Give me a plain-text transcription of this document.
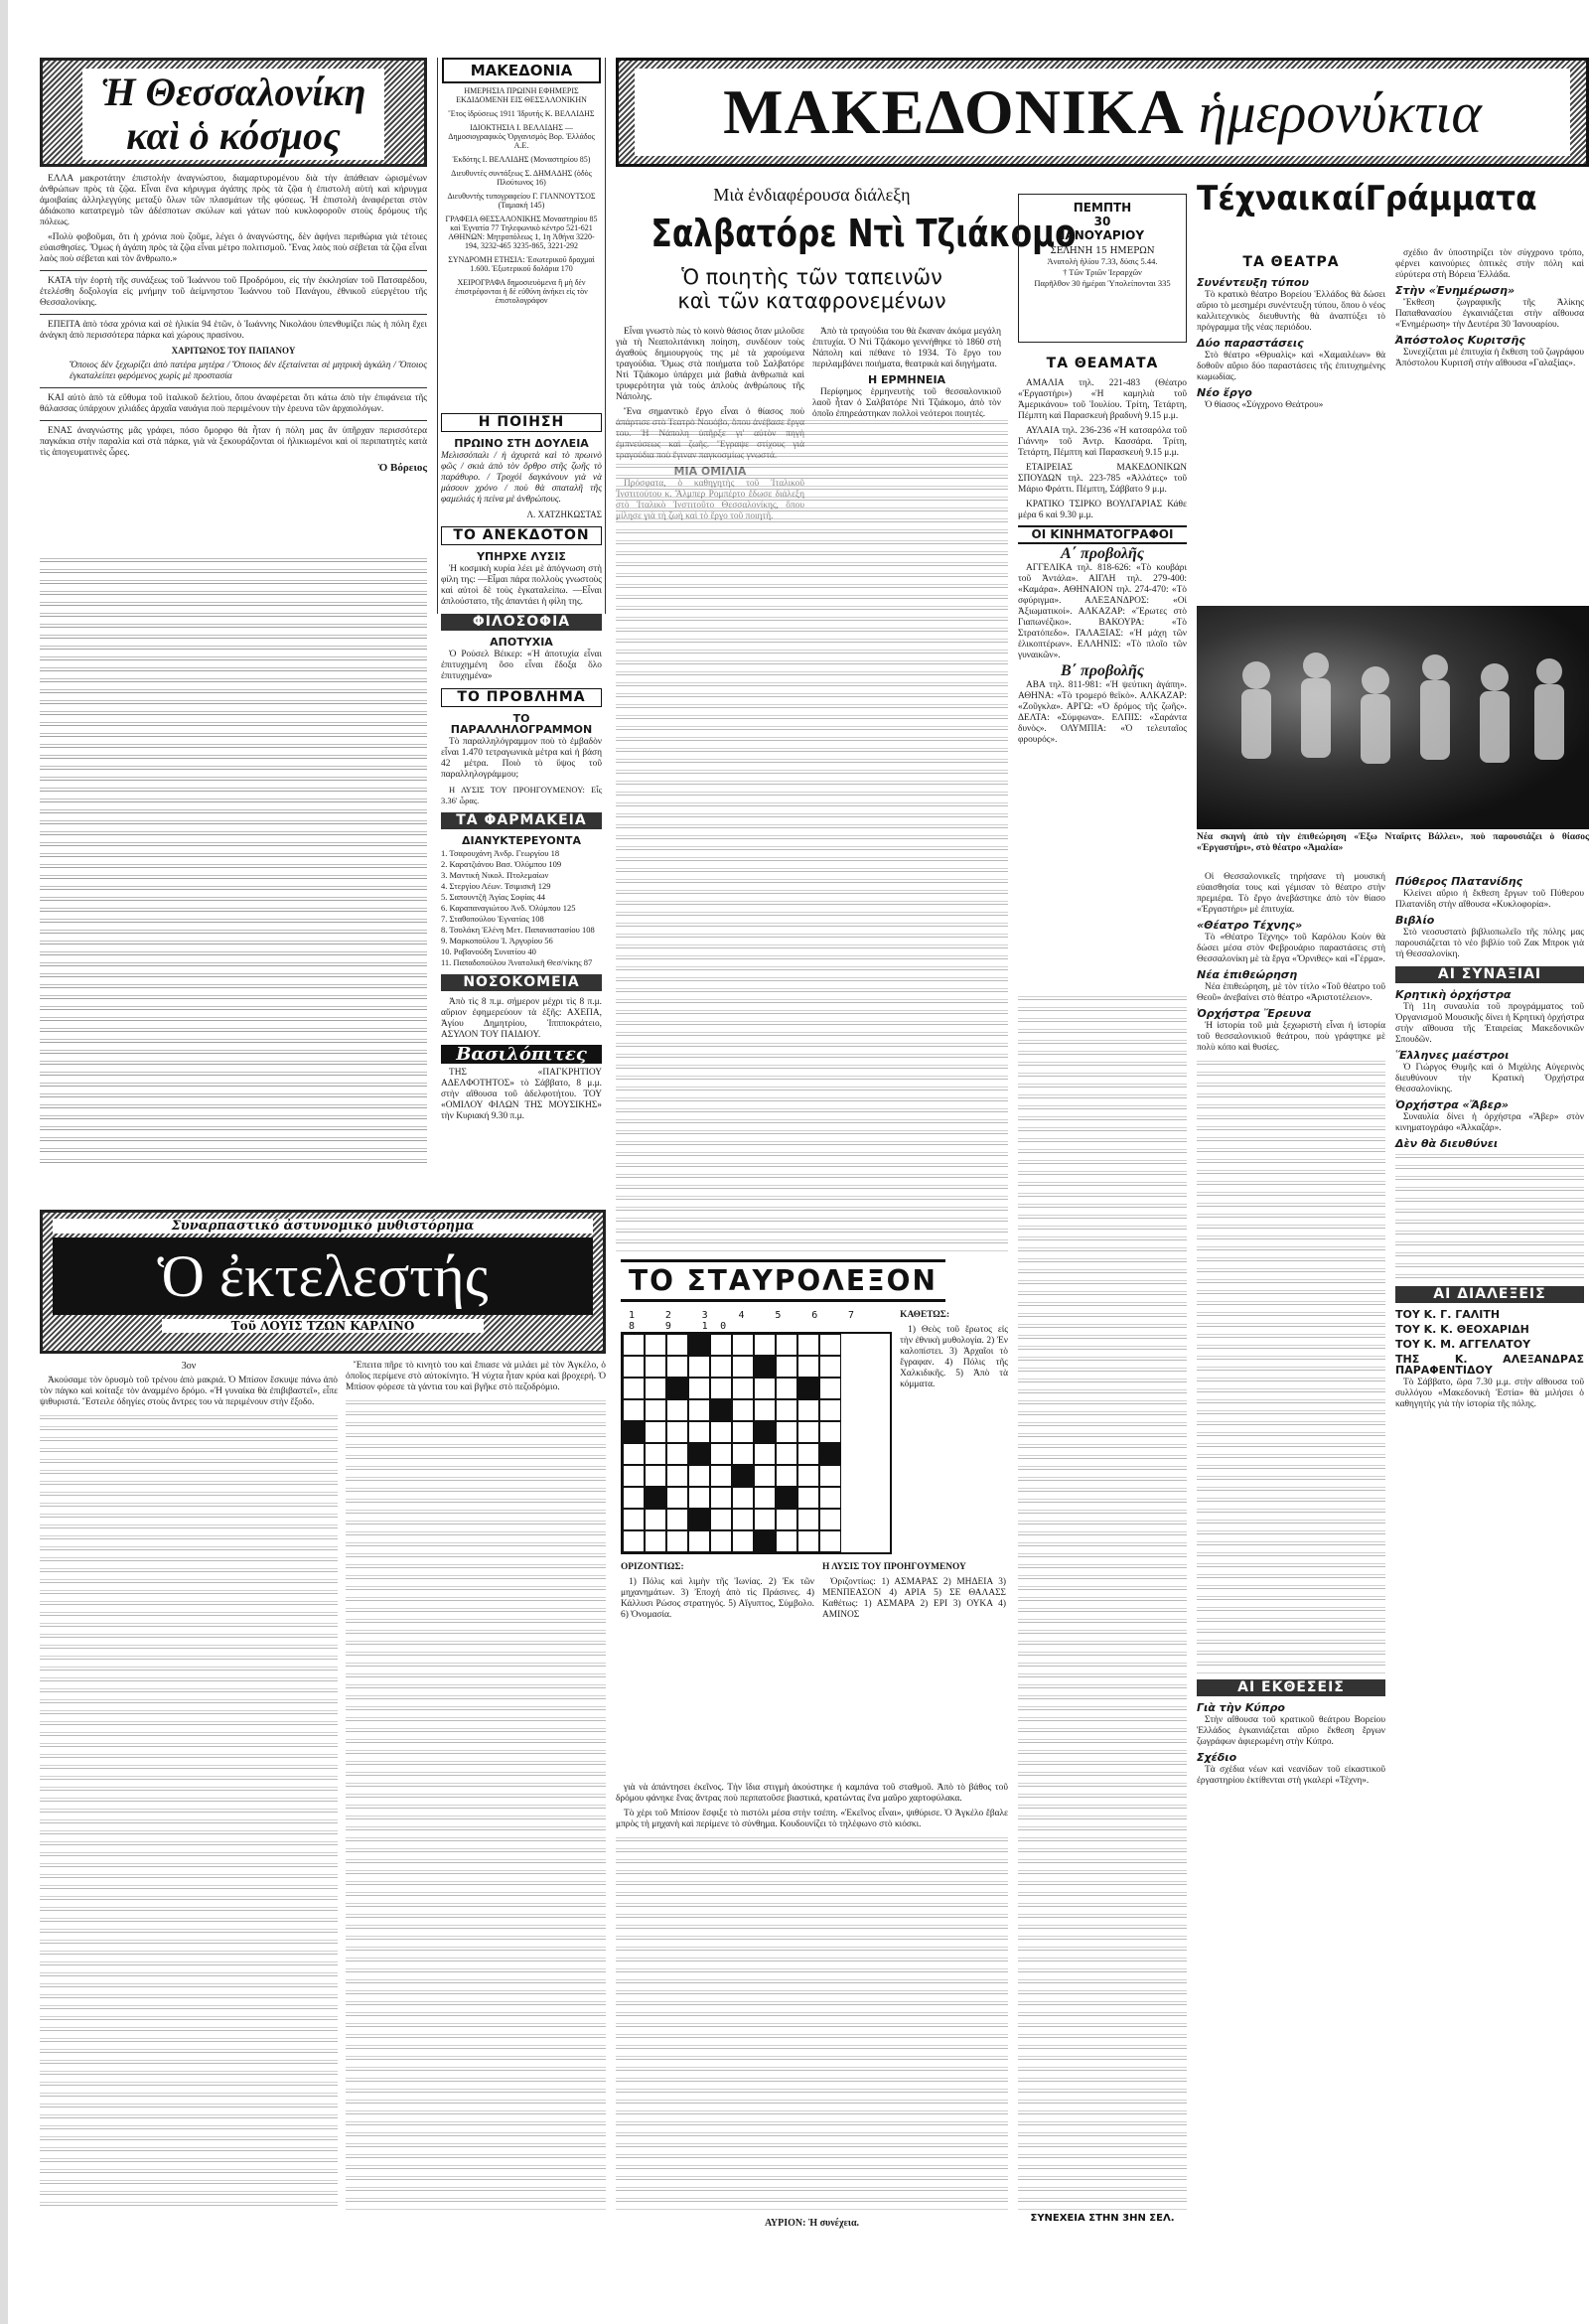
Ἡ Θεσσαλονίκη
καὶ ὁ κόσμος

ΕΛΛΑ μακροτάτην ἐπιστολὴν ἀναγνώστου, διαμαρτυρομένου διὰ τὴν ἀπάθειαν ὡρισμένων ἀνθρώπων πρὸς τὰ ζῷα. Εἶναι ἕνα κήρυγμα ἀγάπης πρὸς τὰ ζῷα ἡ ἐπιστολὴ αὐτὴ καὶ κήρυγμα ἀμοιβαίας ἀλληλεγγύης μεταξὺ ὅλων τῶν πλασμάτων τῆς φύσεως. Ἡ ἐπιστολὴ ἀναφέρεται στὸν ἀδιάκοπο κατατρεγμὸ τῶν ἀδέσποτων σκύλων καὶ γάτων ποὺ κυκλοφοροῦν στοὺς δρόμους τῆς πόλεως.

«Πολὺ φοβοῦμαι, ὅτι ἡ χρόνια ποὺ ζοῦμε, λέγει ὁ ἀναγνώστης, δὲν ἀφήνει περιθώρια γιὰ τέτοιες εὐαισθησίες. Ὅμως ἡ ἀγάπη πρὸς τὰ ζῷα εἶναι μέτρο πολιτισμοῦ. Ἕνας λαὸς ποὺ σέβεται τὰ ζῷα εἶναι λαὸς ποὺ σέβεται καὶ τὸν ἄνθρωπο.»

ΚΑΤΑ τὴν ἑορτὴ τῆς συνάξεως τοῦ Ἰωάννου τοῦ Προδρόμου, εἰς τὴν ἐκκλησίαν τοῦ Πατσαρέδου, ἐτελέσθη δοξολογία εἰς μνήμην τοῦ ἀείμνηστου Ἰωάννου τοῦ Πανάγου, ἐθνικοῦ εὐεργέτου τῆς Θεσσαλονίκης.

ΕΠΕΙΤΑ ἀπὸ τόσα χρόνια καὶ σὲ ἡλικία 94 ἐτῶν, ὁ Ἰωάννης Νικολάου ὑπενθυμίζει πὼς ἡ πόλη ἔχει ἀνάγκη ἀπὸ περισσότερα πάρκα καὶ χώρους πρασίνου.

ΧΑΡΙΤΩΝΟΣ ΤΟΥ ΠΑΠΑΝΟΥ

Ὅποιος δὲν ξεχωρίζει ἀπὸ πατέρα μητέρα / Ὅποιος δὲν ἐξεταίνεται σὲ μητρικὴ ἀγκάλη / Ὅποιος ἐγκαταλείπει φερόμενος χωρὶς μὲ προστασία

ΚΑΙ αὐτὸ ἀπὸ τὰ εὔθυμα τοῦ ἰταλικοῦ δελτίου, ὅπου ἀναφέρεται ὅτι κάτω ἀπὸ τὴν ἐπιφάνεια τῆς θάλασσας ὑπάρχουν χιλιάδες ἀρχαῖα ναυάγια ποὺ περιμένουν τὴν ἐρευνα τῶν ἀρχαιολόγων.

ΕΝΑΣ ἀναγνώστης μᾶς γράφει, πόσο ὄμορφο θὰ ἦταν ἡ πόλη μας ἂν ὑπῆρχαν περισσότερα παγκάκια στὴν παραλία καὶ στὰ πάρκα, γιὰ νὰ ξεκουράζονται οἱ ἡλικιωμένοι καὶ οἱ περιπατητὲς κατὰ τὶς ἀπογευματινὲς ὧρες.

Ὁ Βόρειος
ΜΑΚΕΔΟΝΙΑ
ΗΜΕΡΗΣΙΑ ΠΡΩΙΝΗ ΕΦΗΜΕΡΙΣ ΕΚΔΙΔΟΜΕΝΗ ΕΙΣ ΘΕΣΣΑΛΟΝΙΚΗΝ
Ἔτος ἱδρύσεως 1911 Ἱδρυτής Κ. ΒΕΛΛΙΔΗΣ
ΙΔΙΟΚΤΗΣΙΑ Ι. ΒΕΛΛΙΔΗΣ — Δημοσιογραφικὸς Ὀργανισμὸς Βορ. Ἑλλάδος Α.Ε.
Ἐκδότης Ι. ΒΕΛΛΙΔΗΣ (Μοναστηρίου 85)
Διευθυντὲς συντάξεως Σ. ΔΗΜΑΔΗΣ (ὁδὸς Πλούτωνος 16)
Διευθυντὴς τυπογραφείου Γ. ΓΙΑΝΝΟΥΤΣΟΣ (Ταμιακή 145)
ΓΡΑΦΕΙΑ ΘΕΣΣΑΛΟΝΙΚΗΣ Μοναστηρίου 85 καὶ Ἐγνατία 77 Τηλεφωνικὸ κέντρο 521-621 ΑΘΗΝΩΝ: Μητροπόλεως 1, 1η Ἀθήνα 3220-194, 3232-465 3235-865, 3221-292
ΣΥΝΔΡΟΜΗ ΕΤΗΣΙΑ: Ἐσωτερικοῦ δραχμαὶ 1.600. Ἐξωτερικοῦ δολάρια 170
ΧΕΙΡΟΓΡΑΦΑ δημοσιευόμενα ἢ μὴ δὲν ἐπιστρέφονται ἡ δὲ εὐθύνη ἀνήκει εἰς τὸν ἐπιστολογράφον
Η ΠΟΙΗΣΗ
ΠΡΩΙΝΟ ΣΤΗ ΔΟΥΛΕΙΑ

Μελισσόπαλι / ἡ ἀχυριτὰ καὶ τὸ πρωινὸ φῶς / σκιὰ ἀπὸ τὸν ὄρθρο στῆς ζωῆς τὸ παράθυρο. / Τροχόὶ δαγκάνουν γιὰ νὰ μάσουν χρόνο / ποὺ θὰ σπαταλῆ τῆς φαμελιάς ἡ πείνα μὲ ἀνθρώπους.

Λ. ΧΑΤΖΗΚΩΣΤΑΣ
ΤΟ ΑΝΕΚΔΟΤΟΝ
ΥΠΗΡΧΕ ΛΥΣΙΣ

Ἡ κοσμικὴ κυρία λέει μὲ ἀπόγνωση στὴ φίλη της: —Εἶμαι πάρα πολλοὺς γνωστοὺς καὶ αὐτοὶ δὲ τοὺς ἐγκαταλείπω. —Εἶναι ἁπλούστατο, τῆς ἀπαντάει ἡ φίλη της.

ΦΙΛΟΣΟΦΙΑ
ΑΠΟΤΥΧΙΑ

Ὁ Ρούσελ Βέικερ: «Ἡ ἀποτυχία εἶναι ἐπιτυχημένη ὅσο εἶναι ἔδοξα ὅλο ἐπιτυχημένα»

ΤΟ ΠΡΟΒΛΗΜΑ
ΤΟ ΠΑΡΑΛΛΗΛΟΓΡΑΜΜΟΝ

Τὸ παραλληλόγραμμον ποὺ τὸ ἐμβαδὸν εἶναι 1.470 τετραγωνικὰ μέτρα καὶ ἡ βάση 42 μέτρα. Ποιὸ τὸ ὕψος τοῦ παραλληλογράμμου;

Η ΛΥΣΙΣ ΤΟΥ ΠΡΟΗΓΟΥΜΕΝΟΥ: Εἶς 3.36' ὧρας.

ΤΑ ΦΑΡΜΑΚΕΙΑ
ΔΙΑΝΥΚΤΕΡΕΥΟΝΤΑ
1. Τσαρουχάνη Ἀνδρ. Γεωργίου 18
2. Καρατζιάνου Βασ. Ὀλύμπου 109
3. Μαντικὴ Νικολ. Πτολεμαίων
4. Στεργίου Λέων. Τσιμισκῆ 129
5. Σαπουντζῆ Ἁγίας Σοφίας 44
6. Καραπαναγιώτου Ἀνδ. Ὀλύμπου 125
7. Σταθοπούλου Ἐγνατίας 108
8. Τσολάκη Ἐλένη Μετ. Παπαναστασίου 108
9. Μαρκοπούλου Ἰ. Ἀργυρίου 56
10. Ραβανούδη Συνατίου 40
11. Παπαδοπούλου Ἀνατολικῆ Θεσ/νίκης 87
ΝΟΣΟΚΟΜΕΙΑ

Ἀπὸ τὶς 8 π.μ. σήμερον μέχρι τὶς 8 π.μ. αὔριον ἐφημερεύουν τὰ ἑξῆς: ΑΧΕΠΑ, Ἁγίου Δημητρίου, Ἱππποκράτειο, ΑΣΥΛΟΝ ΤΟΥ ΠΑΙΔΙΟΥ.

Βασιλόπιτες

ΤΗΣ «ΠΑΓΚΡΗΤΙΟΥ ΑΔΕΛΦΟΤΗΤΟΣ» τὸ Σάββατο, 8 μ.μ. στὴν αἴθουσα τοῦ ἀδελφοτήτου. ΤΟΥ «ΟΜΙΛΟΥ ΦΙΛΩΝ ΤΗΣ ΜΟΥΣΙΚΗΣ» τὴν Κυριακή 9.30 π.μ.

ΜΑΚΕΔΟΝΙΚΑ ἡμερονύκτια
Μιὰ ἐνδιαφέρουσα διάλεξη
Σαλβατόρε Ντὶ Τζιάκομο
Ὁ ποιητὴς τῶν ταπεινῶν
καὶ τῶν καταφρονεμένων

Εἶναι γνωστὸ πὼς τὸ κοινὸ θάσιος ὅταν μιλοῦσε γιὰ τὴ Νεαπολιτάνικη ποίηση, συνδέουν τοὺς ἀγαθοὺς δημιουργοὺς της μὲ τὰ χαρούμενα τραγούδια. Ὅμως στὰ ποιήματα τοῦ Σαλβατόρε Ντὶ Τζιάκομο ὑπάρχει μιὰ βαθιὰ ἀνθρωπιὰ καὶ τρυφερότητα γιὰ τοὺς ἀπλοὺς ἀνθρώπους τῆς Νάπολης.

Ἕνα σημαντικὸ ἔργο εἶναι ὁ θίασος ποὺ ἀπάρτισε στὸ Τεατρὸ Νουόβο, ὅπου ἀνέβασε ἔργα του. Ἡ Νάπολη ὑπῆρξε γι' αὐτὸν πηγὴ ἐμπνεύσεως καὶ ζωῆς. Ἔγραψε στίχους γιὰ τραγούδια ποὺ ἔγιναν παγκοσμίως γνωστά.

ΜΙΑ ΟΜΙΛΙΑ

Πρόσφατα, ὁ καθηγητὴς τοῦ Ἰταλικοῦ Ἰνστιτούτου κ. Ἄλμπερ Ρομπέρτο ἔδωσε διάλεξη στὸ Ἰταλικὸ Ἰνστιτοῦτο Θεσσαλονίκης, ὅπου μίλησε γιὰ τὴ ζωὴ καὶ τὸ ἔργο τοῦ ποιητῆ.

Ἀπὸ τὰ τραγούδια του θὰ ἔκαναν ἀκόμα μεγάλη ἐπιτυχία. Ὁ Ντὶ Τζιάκομο γεννήθηκε τὸ 1860 στὴ Νάπολη καὶ πέθανε τὸ 1934. Τὸ ἔργο του περιλαμβάνει ποιήματα, θεατρικὰ καὶ διηγήματα.

Η ΕΡΜΗΝΕΙΑ

Περίφημος ἑρμηνευτὴς τοῦ θεσσαλονικιοῦ λαοῦ ἦταν ὁ Σαλβατόρε Ντὶ Τζιάκομο, ἀπὸ τὸν ὁποῖο ἐπηρεάστηκαν πολλοὶ νεότεροι ποιητές.

ΤΟ ΣΤΑΥΡΟΛΕΞΟΝ
1 2 3 4 5 6 7 8 9 10

ΚΑΘΕΤΩΣ:

1) Θεὸς τοῦ ἔρωτος εἰς τὴν ἐθνικὴ μυθολογία. 2) Ἐν καλοπίστει. 3) Ἀρχαῖοι τὸ ἔγραφαν. 4) Πόλις τῆς Χαλκιδικῆς. 5) Ἀπὸ τὰ κόμματα.

ΟΡΙΖΟΝΤΙΩΣ:

1) Πόλις καὶ λιμὴν τῆς Ἰωνίας. 2) Ἐκ τῶν μηχανημάτων. 3) Ἐποχή ἀπὸ τὶς Πράσινες. 4) Κάλλυσι Ρώσος στρατηγός. 5) Αἴγυπτος, Σύμβολο. 6) Ὀνομασία.

Η ΛΥΣΙΣ ΤΟΥ ΠΡΟΗΓΟΥΜΕΝΟΥ

Ὁριζοντίως: 1) ΑΣΜΑΡΑΣ 2) ΜΗΔΕΙΑ 3) ΜΕΝΠΕΑΣΟΝ 4) ΑΡΙΑ 5) ΣΕ ΘΑΛΑΣΣ Καθέτως: 1) ΑΣΜΑΡΑ 2) ΕΡΙ 3) ΟΥΚΑ 4) ΑΜΙΝΟΣ

ΠΕΜΠΤΗ
30
ΙΑΝΟΥΑΡΙΟΥ
ΣΕΛΗΝΗ 15 ΗΜΕΡΩΝ
Ἀνατολὴ ἡλίου 7.33, δύσις 5.44.
† Τῶν Τριῶν Ἱεραρχῶν
Παρῆλθον 30 ἡμέραι Ὑπολείπονται 335
ΤΑ ΘΕΑΜΑΤΑ

ΑΜΑΛΙΑ τηλ. 221-483 (Θέατρο «Ἐργαστήρι») «Ἡ καμηλιὰ τοῦ Ἀμερικάνου» τοῦ Ἰουλίου. Τρίτη, Τετάρτη, Πέμπτη καὶ Παρασκευὴ βραδυνὴ 9.15 μ.μ.

ΑΥΛΑΙΑ τηλ. 236-236 «Ἡ κατσαρόλα τοῦ Γιάννη» τοῦ Ἀντρ. Κασσάρα. Τρίτη, Τετάρτη, Πέμπτη καὶ Παρασκευὴ 9.15 μ.μ.

ΕΤΑΙΡΕΙΑΣ ΜΑΚΕΔΟΝΙΚΩΝ ΣΠΟΥΔΩΝ τηλ. 223-785 «Ἀλλάτες» τοῦ Μάριο Φράττι. Πέμπτη, Σάββατο 9 μ.μ.

ΚΡΑΤΙΚΟ ΤΣΙΡΚΟ ΒΟΥΛΓΑΡΙΑΣ Κάθε μέρα 6 καὶ 9.30 μ.μ.

ΟΙ ΚΙΝΗΜΑΤΟΓΡΑΦΟΙ
Α΄ προβολῆς

ΑΓΓΕΛΙΚΑ τηλ. 818-626: «Τὸ κουβάρι τοῦ Ἀντάλα». ΑΙΓΛΗ τηλ. 279-400: «Καμάρα». ΑΘΗΝΑΙΟΝ τηλ. 274-470: «Τὸ σφύριγμα». ΑΛΕΞΑΝΔΡΟΣ: «Οἱ Ἀξιωματικοί». ΑΛΚΑΖΑΡ: «Ἔρωτες στὸ Γιαπωνέζικο». ΒΑΚΟΥΡΑ: «Τὸ Στρατόπεδο». ΓΑΛΑΞΙΑΣ: «Ἡ μάχη τῶν ἑλικοπτέρων». ΕΛΛΗΝΙΣ: «Τὸ πλοῖο τῶν γυναικῶν».

Β΄ προβολῆς

ΑΒΑ τηλ. 811-981: «Ἡ ψεύτικη ἀγάπη». ΑΘΗΝΑ: «Τὸ τρομερό θεϊκὸ». ΑΛΚΑΖΑΡ: «Ζοῦγκλα». ΑΡΓΩ: «Ὁ δρόμος τῆς ζωῆς». ΔΕΛΤΑ: «Σύμφωνα». ΕΛΠΙΣ: «Σαράντα δυνὸς». ΟΛΥΜΠΙΑ: «Ὁ τελευταῖος φρουρός».

ΣΥΝΕΧΕΙΑ ΣΤΗΝ 3ΗΝ ΣΕΛ.
ΤέχναικαίΓράμματα
ΤΑ ΘΕΑΤΡΑ
Συνέντευξη τύπου

Τὸ κρατικὸ θέατρο Βορείου Ἑλλάδος θὰ δώσει αὔριο τὸ μεσημέρι συνέντευξη τύπου, ὅπου ὁ νέος καλλιτεχνικὸς διευθυντὴς θὰ ἀναπτύξει τὸ πρόγραμμα τῆς νέας περιόδου.

Δύο παραστάσεις

Στὸ θέατρο «Θρυαλὶς» καὶ «Χαμαιλέων» θὰ δοθοῦν αὔριο δύο παραστάσεις τῆς ἐπιτυχημένης κωμωδίας.

Νέο ἔργο

Ὁ θίασος «Σύγχρονο Θεάτρου»

σχέδιο ἂν ὑποστηρίζει τὸν σύγχρονο τρόπο, φέρνει καινούριες ὀπτικὲς στὴν πόλη καὶ εὐρύτερα στὴ Βόρεια Ἑλλάδα.

Στὴν «Ἐνημέρωση»

Ἔκθεση ζωγραφικῆς τῆς Ἀλίκης Παπαθανασίου ἐγκαινιάζεται στὴν αἴθουσα «Ἐνημέρωση» τὴν Δευτέρα 30 Ἰανουαρίου.

Ἀπόστολος Κυριτσῆς

Συνεχίζεται μὲ ἐπιτυχία ἡ ἔκθεση τοῦ ζωγράφου Ἀπόστολου Κυριτσῆ στὴν αἴθουσα «Γαλαξίας».

Νέα σκηνὴ ἀπὸ τὴν ἐπιθεώρηση «Ἐξω Νταῖριτς Βάλλει», ποὺ παρουσιάζει ὁ θίασος «Ἐργαστήρι», στὸ θέατρο «Ἀμαλία»

Οἱ Θεσσαλονικεῖς τηρήσανε τὴ μουσική εὐαισθησία τους καὶ γέμισαν τὸ θέατρο στὴν πρεμιέρα. Τὸ ἔργο ἀνεβάστηκε ἀπὸ τὸν θίασο «Ἐργαστήρι» μὲ ἐπιτυχία.

«Θέατρο Τέχνης»

Τὸ «Θέατρο Τέχνης» τοῦ Καρόλου Κοὺν θὰ δώσει μέσα στὸν Φεβρουάριο παραστάσεις στὴ Θεσσαλονίκη μὲ τὰ ἔργα «Ὄρνιθες» καὶ «Γέρμα».

Νέα ἐπιθεώρηση

Νέα ἐπιθεώρηση, μὲ τὸν τίτλο «Τοῦ θέατρο τοῦ Θεοῦ» ἀνεβαίνει στὸ θέατρο «Ἀριστοτέλειον».

Ὀρχήστρα Ἔρευνα

Ἡ ἱστορία τοῦ μιὰ ξεχωριστὴ εἶναι ἡ ἱστορία τοῦ θεσσαλονικιοῦ θεάτρου, ποὺ γράφτηκε μὲ πολὺ κόπο καὶ θυσίες.

ΑΙ ΕΚΘΕΣΕΙΣ
Γιὰ τὴν Κύπρο

Στὴν αἴθουσα τοῦ κρατικοῦ θεάτρου Βορείου Ἑλλάδος ἐγκαινιάζεται αὔριο ἔκθεση ἔργων ζωγράφων ἀφιερωμένη στὴν Κύπρο.

Σχέδιο

Τὰ σχέδια νέων καὶ νεανίδων τοῦ εἰκαστικοῦ ἐργαστηρίου ἐκτίθενται στὴ γκαλερὶ «Τέχνη».

Πύθερος Πλατανίδης

Κλείνει αὔριο ἡ ἔκθεση ἔργων τοῦ Πύθερου Πλατανίδη στὴν αἴθουσα «Κυκλοφορία».

Βιβλίο

Στὸ νεοσυστατὸ βιβλιοπωλεῖο τῆς πόλης μας παρουσιάζεται τὸ νέο βιβλίο τοῦ Ζακ Μπροκ γιὰ τὴ Θεσσαλονίκη.

ΑΙ ΣΥΝΑΞΙΑΙ
Κρητικὴ ὀρχήστρα

Τὴ 11η συναυλία τοῦ προγράμματος τοῦ Ὀργανισμοῦ Μουσικῆς δίνει ἡ Κρητικὴ ὀρχήστρα στὴν αἴθουσα τῆς Ἐταιρείας Μακεδονικῶν Σπουδῶν.

Ἕλληνες μαέστροι

Ὁ Γιώργος Θυμῆς καὶ ὁ Μιχάλης Αὐγερινὸς διευθύνουν τὴν Κρατικὴ Ὀρχήστρα Θεσσαλονίκης.

Ὀρχήστρα «Ἄβερ»

Συναυλία δίνει ἡ ὀρχήστρα «Ἄβερ» στὸν κινηματογράφο «Ἀλκαζάρ».

Δὲν θὰ διευθύνει
ΑΙ ΔΙΑΛΕΞΕΙΣ
ΤΟΥ Κ. Γ. ΓΑΛΙΤΗ
ΤΟΥ Κ. Κ. ΘΕΟΧΑΡΙΔΗ
ΤΟΥ Κ. Μ. ΑΓΓΕΛΑΤΟΥ
ΤΗΣ Κ. ΑΛΕΞΑΝΔΡΑΣ ΠΑΡΑΦΕΝΤΙΔΟΥ

Τὸ Σάββατο, ὥρα 7.30 μ.μ. στὴν αἴθουσα τοῦ συλλόγου «Μακεδονικὴ Ἑστία» θὰ μιλήσει ὁ καθηγητὴς γιὰ τὴν ἱστορία τῆς πόλης.

Συναρπαστικό ἀστυνομικό μυθιστόρημα
Ὁ ἐκτελεστής
Τοῦ ΛΟΥΙΣ ΤΖΩΝ ΚΑΡΛΙΝΟ
3ον

Ἀκούσαμε τὸν ὀρυσμὸ τοῦ τρένου ἀπὸ μακριά. Ὁ Μπίσον ἔσκυψε πάνω ἀπὸ τὸν πάγκο καὶ κοίταξε τὸν ἀναμμένο δρόμο. «Ἡ γυναίκα θὰ ἐπιβιβαστεῖ», εἶπε ψιθυριστά. Ἕστειλε ὀδηγίες στοὺς ἄντρες του νὰ περιμένουν στὴν ἔξοδο.

Ἔπειτα πῆρε τὸ κινητὸ του καὶ ἔπιασε νὰ μιλάει μὲ τὸν Ἀγκέλο, ὁ ὁποῖος περίμενε στὸ αὐτοκίνητο. Ἡ νύχτα ἦταν κρύα καὶ βροχερή. Ὁ Μπίσον φόρεσε τὰ γάντια του καὶ βγῆκε στὸ πεζοδρόμιο.

γιὰ νὰ ἀπάντησει ἐκεῖνος. Τὴν ἴδια στιγμὴ ἀκούστηκε ἡ καμπάνα τοῦ σταθμοῦ. Ἀπὸ τὸ βάθος τοῦ δρόμου φάνηκε ἕνας ἄντρας ποὺ περπατοῦσε βιαστικά, κρατώντας ἕνα μαῦρο χαρτοφύλακα.

Τὸ χέρι τοῦ Μπίσον ἔσφιξε τὸ πιστόλι μέσα στὴν τσέπη. «Ἐκεῖνος εἶναι», ψιθύρισε. Ὁ Ἀγκέλο ἔβαλε μπρὸς τὴ μηχανὴ καὶ περίμενε τὸ σύνθημα. Κουδουνίζει τὸ τηλέφωνο στὸ κιόσκι.

ΑΥΡΙΟΝ: Ἡ συνέχεια.
